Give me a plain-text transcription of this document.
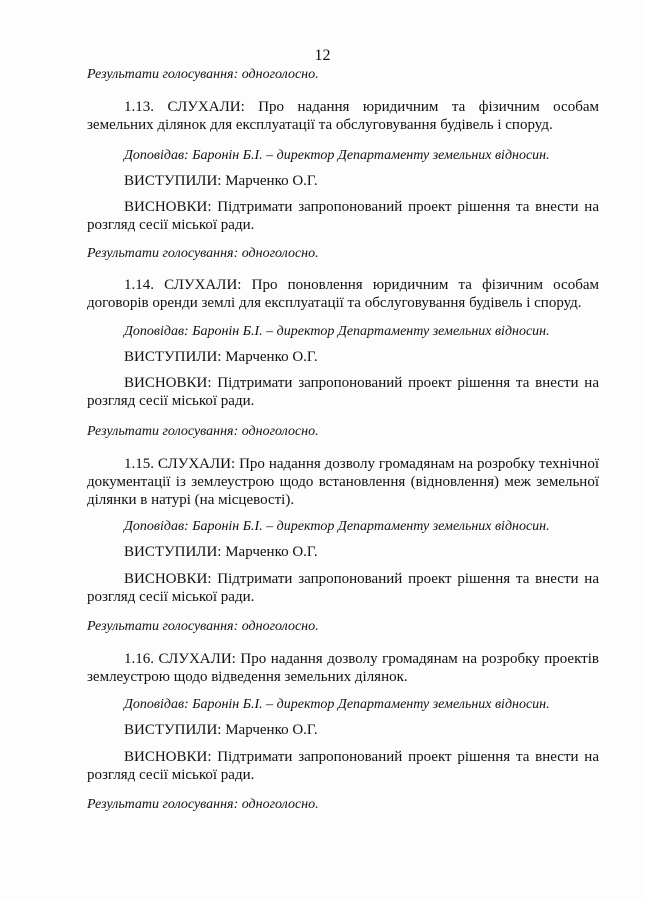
12
Результати голосування: одноголосно.
1.13. СЛУХАЛИ: Про надання юридичним та фізичним особам
земельних ділянок для експлуатації та обслуговування будівель і споруд.
Доповідав: Баронін Б.І. – директор Департаменту земельних відносин.
ВИСТУПИЛИ: Марченко О.Г.
ВИСНОВКИ: Підтримати запропонований проект рішення та внести на
розгляд сесії міської ради.
Результати голосування: одноголосно.
1.14. СЛУХАЛИ: Про поновлення юридичним та фізичним особам
договорів оренди землі для експлуатації та обслуговування будівель і споруд.
Доповідав: Баронін Б.І. – директор Департаменту земельних відносин.
ВИСТУПИЛИ: Марченко О.Г.
ВИСНОВКИ: Підтримати запропонований проект рішення та внести на
розгляд сесії міської ради.
Результати голосування: одноголосно.
1.15. СЛУХАЛИ: Про надання дозволу громадянам на розробку технічної
документації із землеустрою щодо встановлення (відновлення) меж земельної
ділянки в натурі (на місцевості).
Доповідав: Баронін Б.І. – директор Департаменту земельних відносин.
ВИСТУПИЛИ: Марченко О.Г.
ВИСНОВКИ: Підтримати запропонований проект рішення та внести на
розгляд сесії міської ради.
Результати голосування: одноголосно.
1.16. СЛУХАЛИ: Про надання дозволу громадянам на розробку проектів
землеустрою щодо відведення земельних ділянок.
Доповідав: Баронін Б.І. – директор Департаменту земельних відносин.
ВИСТУПИЛИ: Марченко О.Г.
ВИСНОВКИ: Підтримати запропонований проект рішення та внести на
розгляд сесії міської ради.
Результати голосування: одноголосно.
